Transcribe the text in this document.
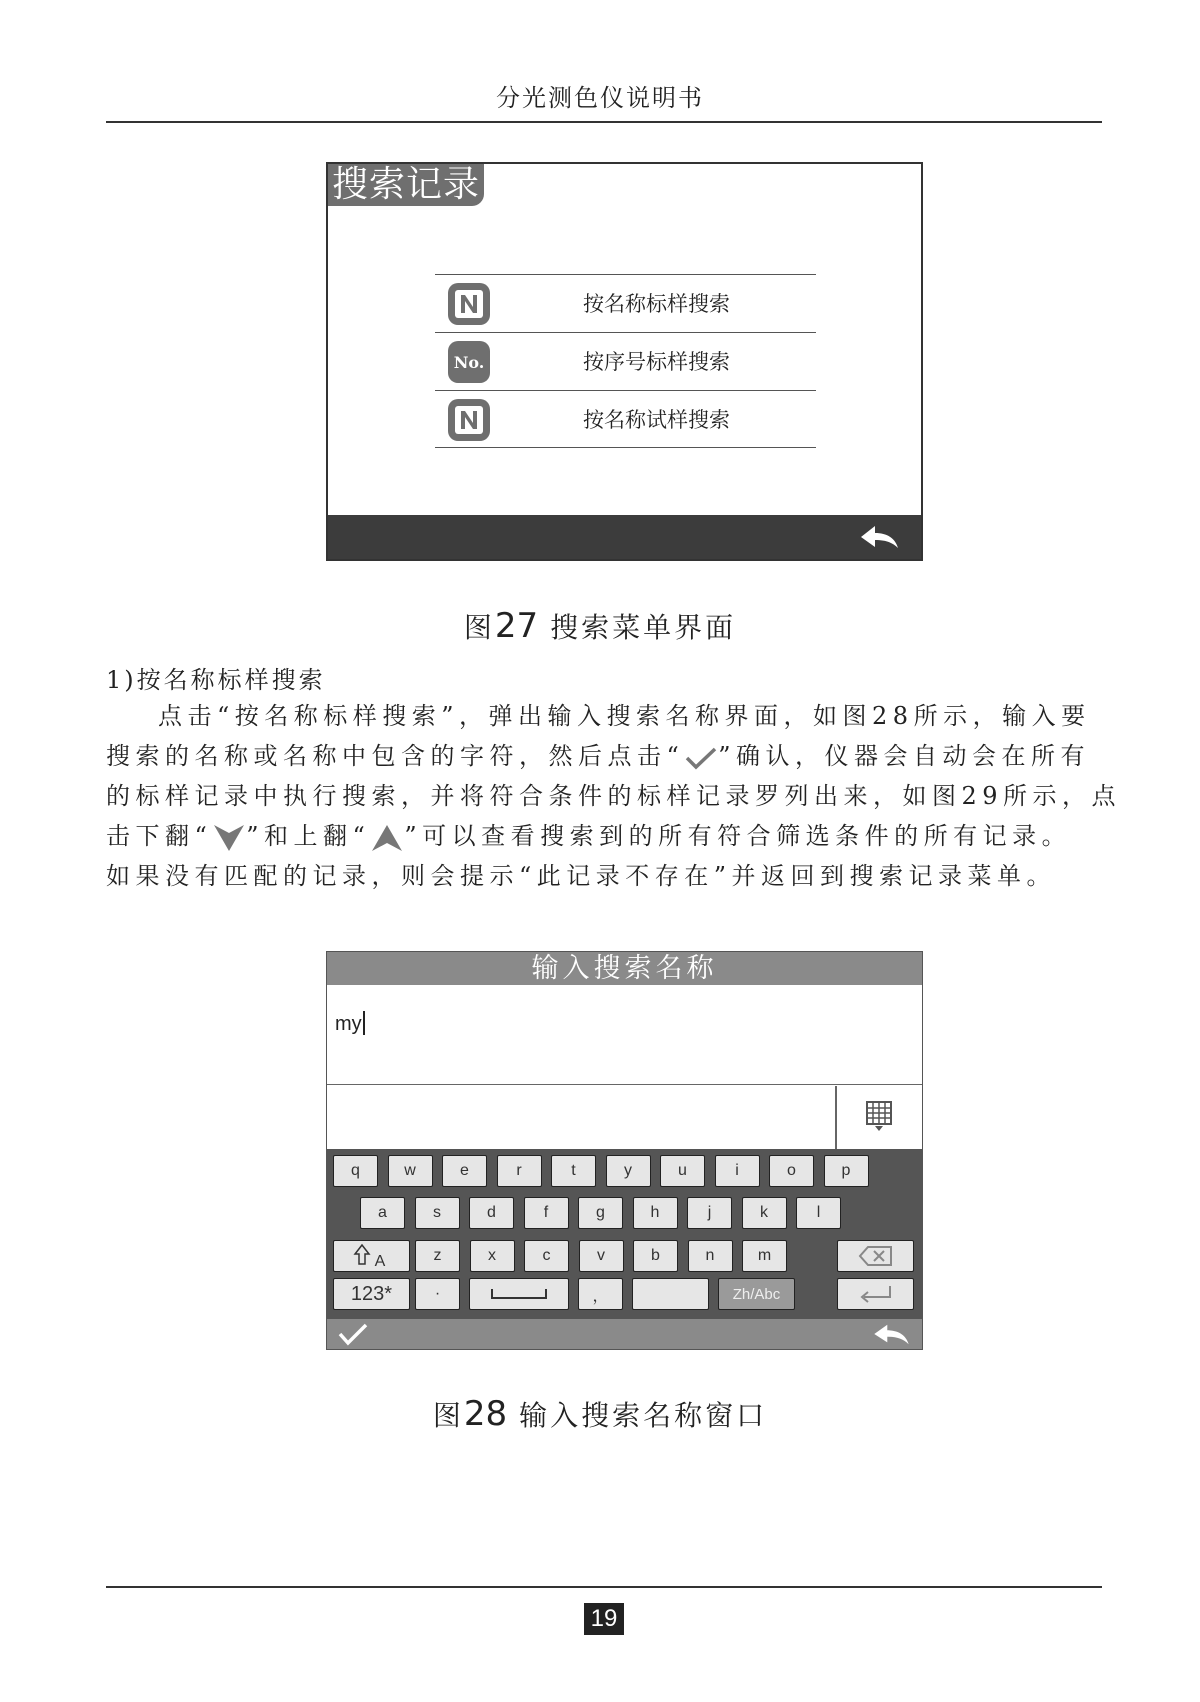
分光测色仪说明书
搜索记录
按名称标样搜索
No.	按序号标样搜索
按名称试样搜索
图27 搜索菜单界面
1)按名称标样搜索
点击“按名称标样搜索”，弹出输入搜索名称界面，如图28所示，输入要
搜索的名称或名称中包含的字符，然后点击“ ”确认，仪器会自动会在所有
的标样记录中执行搜索，并将符合条件的标样记录罗列出来，如图29所示，点
击下翻“ ”和上翻“ ”可以查看搜索到的所有符合筛选条件的所有记录。
如果没有匹配的记录，则会提示“此记录不存在”并返回到搜索记录菜单。
输入搜索名称
my
q	w	e	r	t	y	u	i	o	p
a	s	d	f	g	h	j	k	l
z	x	c	v	b	n	m
A
123*	·	，	Zh/Abc
图28 输入搜索名称窗口
19
